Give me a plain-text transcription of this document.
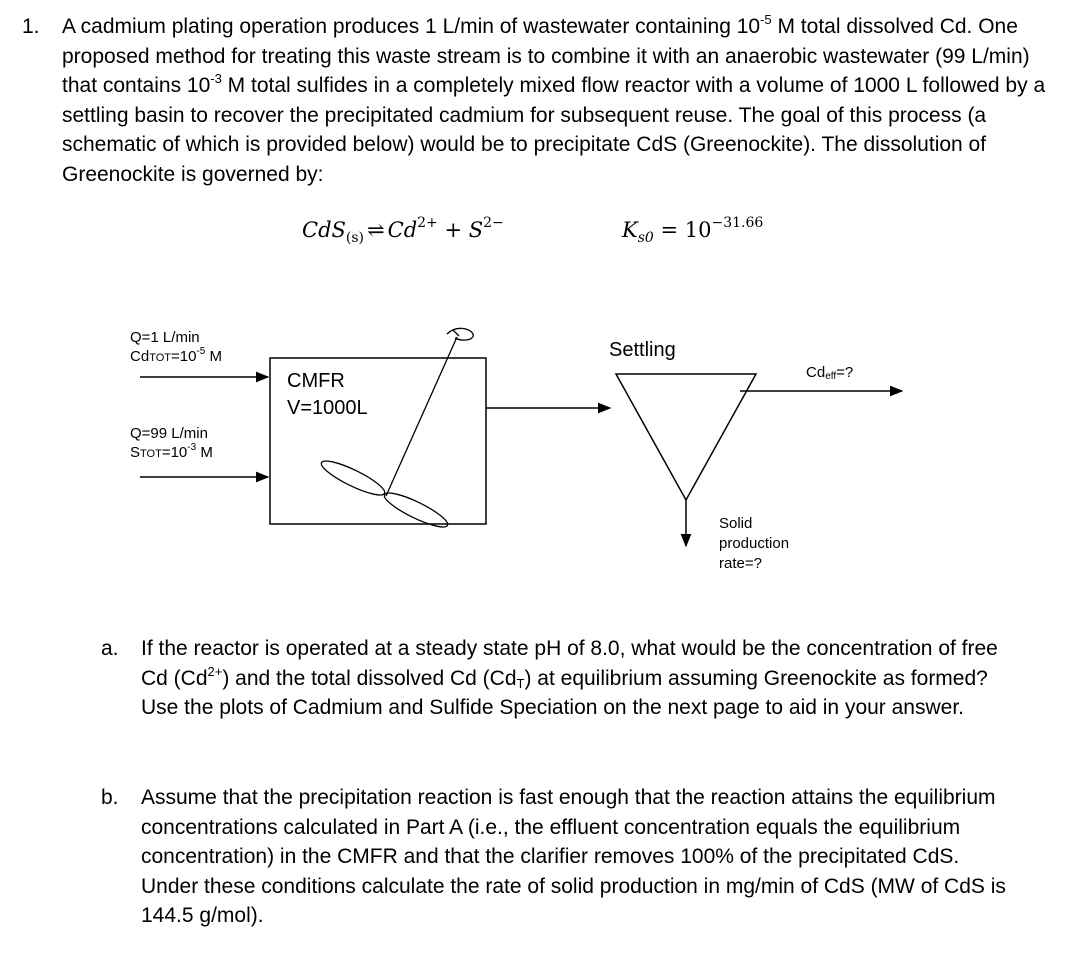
1. A cadmium plating operation produces 1 L/min of wastewater containing $10^{-5}$ M total dissolved Cd. One proposed method for treating this waste stream is to combine it with an anaerobic wastewater (99 L/min) that contains $10^{-3}$ M total sulfides in a completely mixed flow reactor with a volume of 1000 L followed by a settling basin to recover the precipitated cadmium for subsequent reuse. The goal of this process (a schematic of which is provided below) would be to precipitate CdS (Greenockite). The dissolution of Greenockite is governed by:
CdS$_{(s)}$ ⇌ $Cd^{2+} + S^{2-}$	$K_{s0} = 10^{-31.66}$
Q=1 L/min
$CdTOT=10^{-5}$ M
Q=99 L/min
$STOT=10^{-3}$ M
CMFR
V=1000L
Settling
$Cd_{eff}=$?
Solid
production
rate=?
a. If the reactor is operated at a steady state pH of 8.0, what would be the concentration of free Cd $(Cd^{2+})$ and the total dissolved Cd $(Cd_T)$ at equilibrium assuming Greenockite as formed? Use the plots of Cadmium and Sulfide Speciation on the next page to aid in your answer.
b. Assume that the precipitation reaction is fast enough that the reaction attains the equilibrium concentrations calculated in Part A (i.e., the effluent concentration equals the equilibrium concentration) in the CMFR and that the clarifier removes 100% of the precipitated CdS. Under these conditions calculate the rate of solid production in mg/min of CdS (MW of CdS is 144.5 g/mol).
